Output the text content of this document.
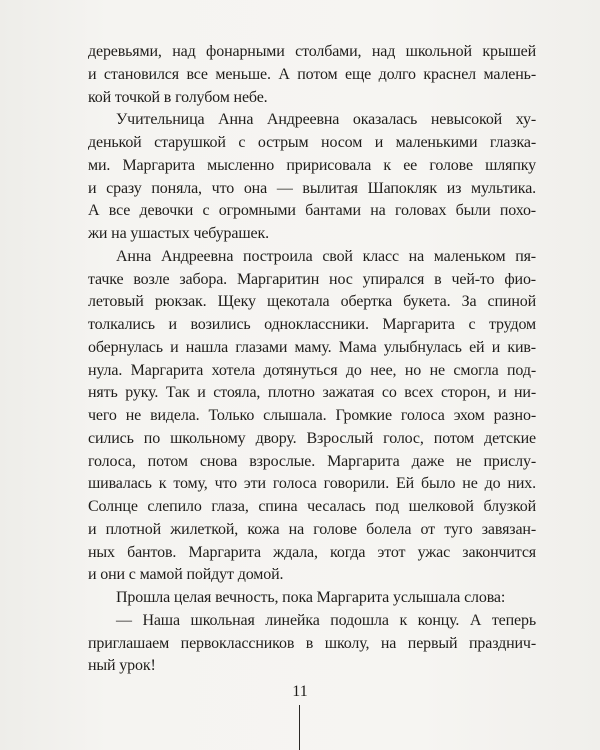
деревьями, над фонарными столбами, над школьной крышей
и становился все меньше. А потом еще долго краснел малень-
кой точкой в голубом небе.
Учительница Анна Андреевна оказалась невысокой ху-
денькой старушкой с острым носом и маленькими глазка-
ми. Маргарита мысленно пририсовала к ее голове шляпку
и сразу поняла, что она — вылитая Шапокляк из мультика.
А все девочки с огромными бантами на головах были похо-
жи на ушастых чебурашек.
Анна Андреевна построила свой класс на маленьком пя-
тачке возле забора. Маргаритин нос упирался в чей-то фио-
летовый рюкзак. Щеку щекотала обертка букета. За спиной
толкались и возились одноклассники. Маргарита с трудом
обернулась и нашла глазами маму. Мама улыбнулась ей и кив-
нула. Маргарита хотела дотянуться до нее, но не смогла под-
нять руку. Так и стояла, плотно зажатая со всех сторон, и ни-
чего не видела. Только слышала. Громкие голоса эхом разно-
сились по школьному двору. Взрослый голос, потом детские
голоса, потом снова взрослые. Маргарита даже не прислу-
шивалась к тому, что эти голоса говорили. Ей было не до них.
Солнце слепило глаза, спина чесалась под шелковой блузкой
и плотной жилеткой, кожа на голове болела от туго завязан-
ных бантов. Маргарита ждала, когда этот ужас закончится
и они с мамой пойдут домой.
Прошла целая вечность, пока Маргарита услышала слова:
— Наша школьная линейка подошла к концу. А теперь
приглашаем первоклассников в школу, на первый празднич-
ный урок!
11
